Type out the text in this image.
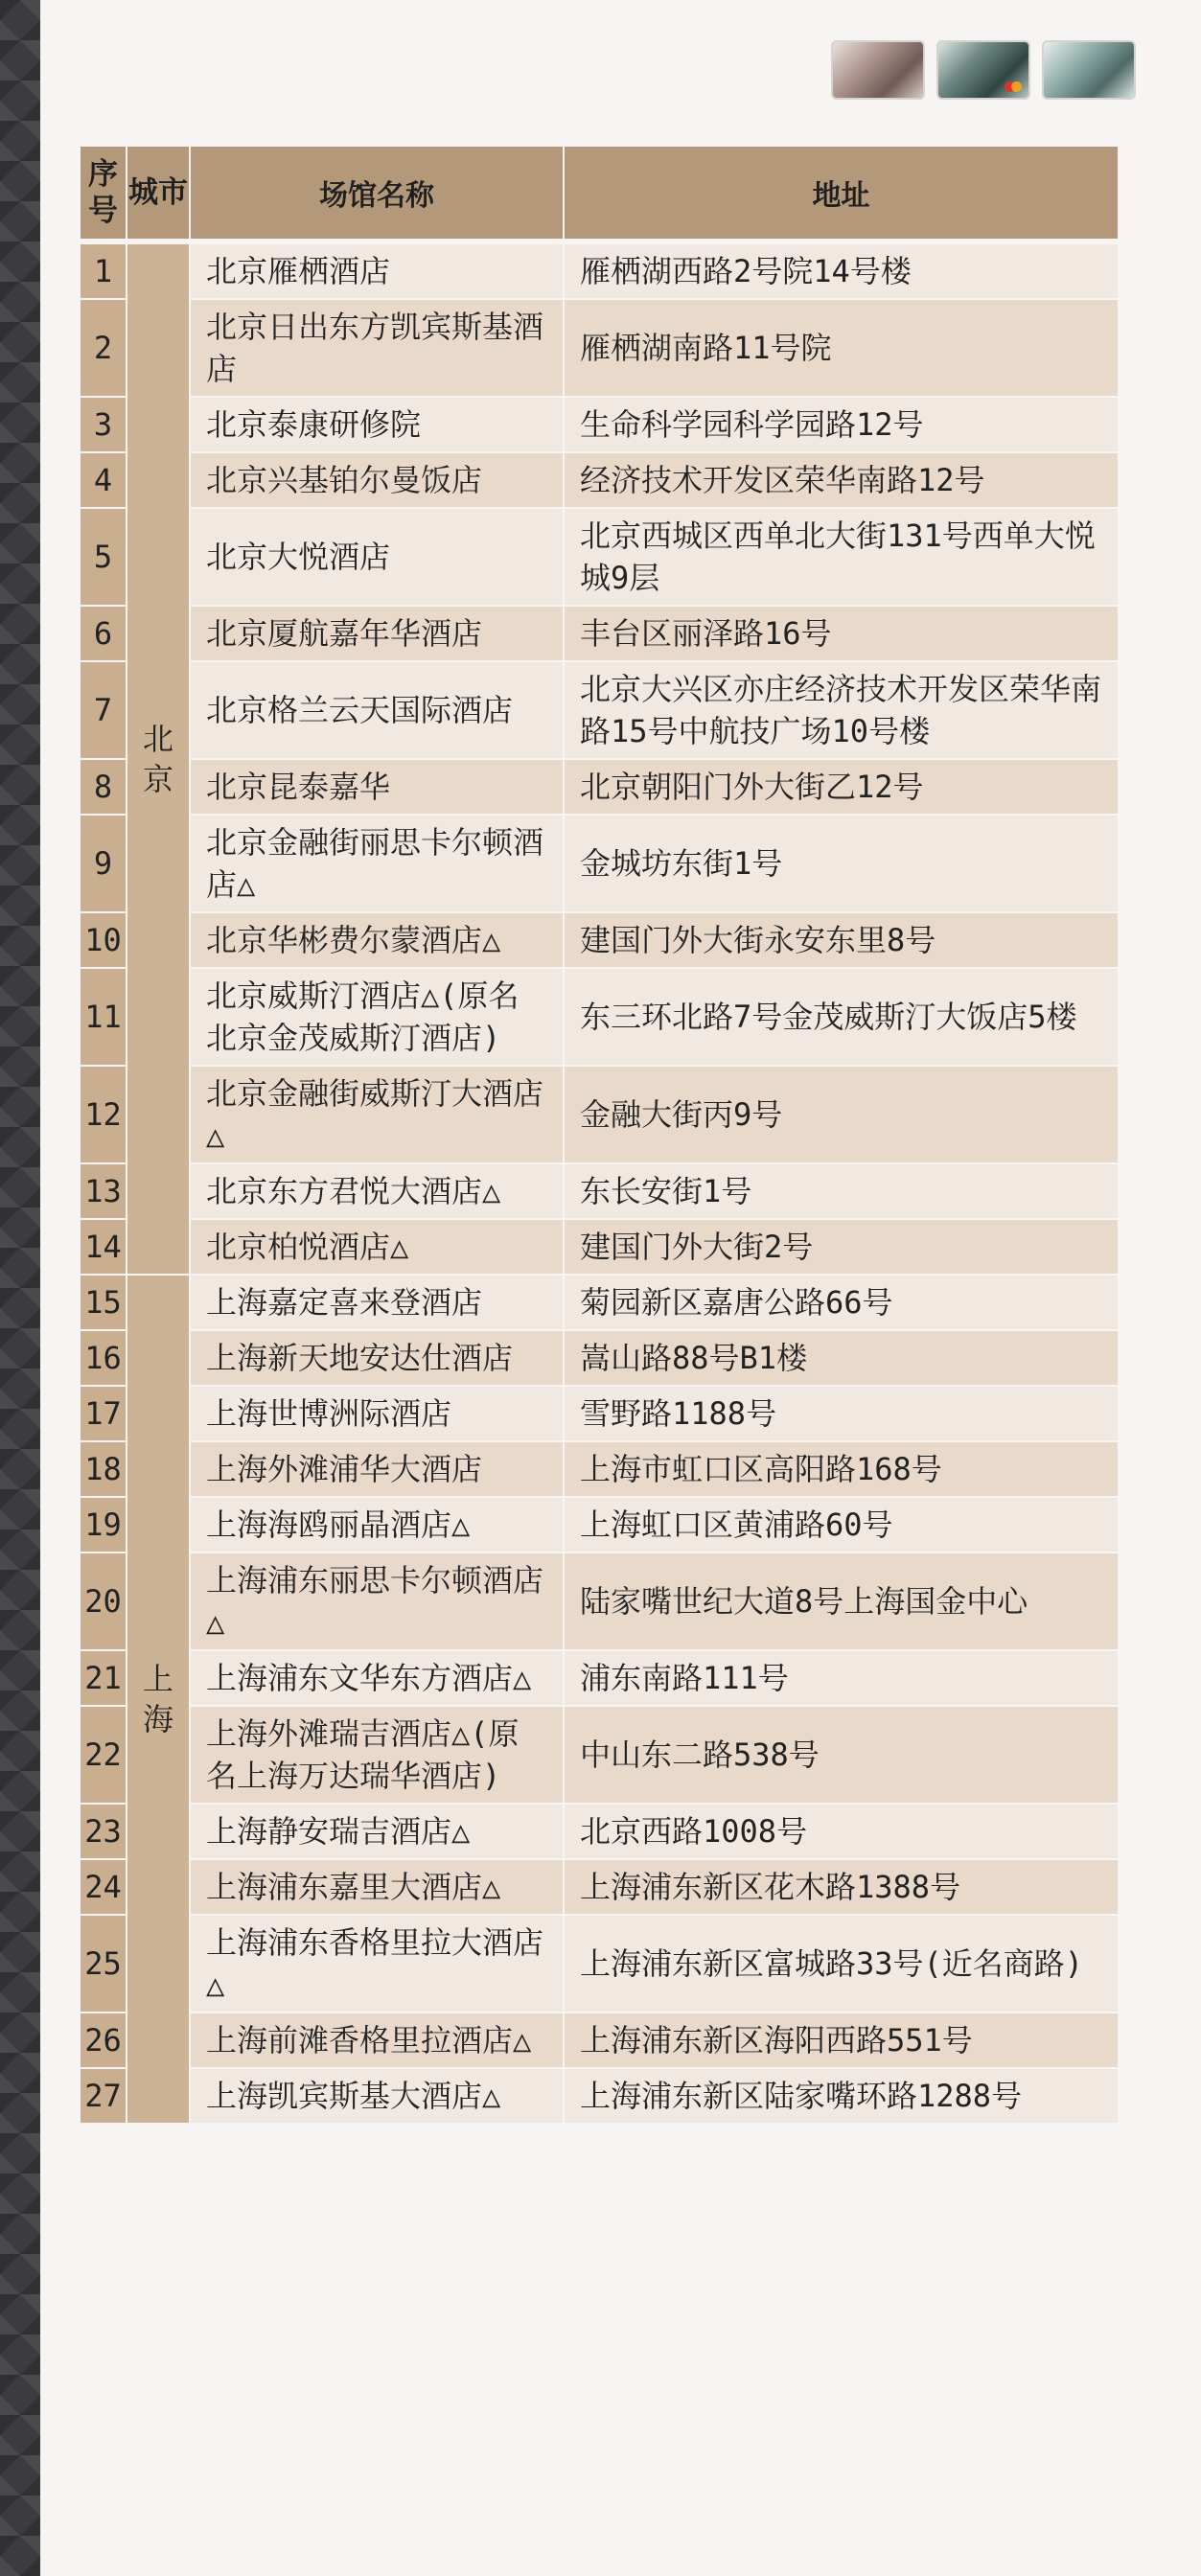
序号	城市	场馆名称	地址
1	北京	北京雁栖酒店	雁栖湖西路2号院14号楼
2		北京日出东方凯宾斯基酒店	雁栖湖南路11号院
3		北京泰康研修院	生命科学园科学园路12号
4		北京兴基铂尔曼饭店	经济技术开发区荣华南路12号
5		北京大悦酒店	北京西城区西单北大街131号西单大悦城9层
6		北京厦航嘉年华酒店	丰台区丽泽路16号
7		北京格兰云天国际酒店	北京大兴区亦庄经济技术开发区荣华南路15号中航技广场10号楼
8		北京昆泰嘉华	北京朝阳门外大街乙12号
9		北京金融街丽思卡尔顿酒店△	金城坊东街1号
10		北京华彬费尔蒙酒店△	建国门外大街永安东里8号
11		北京威斯汀酒店△(原名北京金茂威斯汀酒店)	东三环北路7号金茂威斯汀大饭店5楼
12		北京金融街威斯汀大酒店△	金融大街丙9号
13		北京东方君悦大酒店△	东长安街1号
14		北京柏悦酒店△	建国门外大街2号
15	上海	上海嘉定喜来登酒店	菊园新区嘉唐公路66号
16		上海新天地安达仕酒店	嵩山路88号B1楼
17		上海世博洲际酒店	雪野路1188号
18		上海外滩浦华大酒店	上海市虹口区高阳路168号
19		上海海鸥丽晶酒店△	上海虹口区黄浦路60号
20		上海浦东丽思卡尔顿酒店△	陆家嘴世纪大道8号上海国金中心
21		上海浦东文华东方酒店△	浦东南路111号
22		上海外滩瑞吉酒店△(原名上海万达瑞华酒店)	中山东二路538号
23		上海静安瑞吉酒店△	北京西路1008号
24		上海浦东嘉里大酒店△	上海浦东新区花木路1388号
25		上海浦东香格里拉大酒店△	上海浦东新区富城路33号(近名商路)
26		上海前滩香格里拉酒店△	上海浦东新区海阳西路551号
27		上海凯宾斯基大酒店△	上海浦东新区陆家嘴环路1288号
